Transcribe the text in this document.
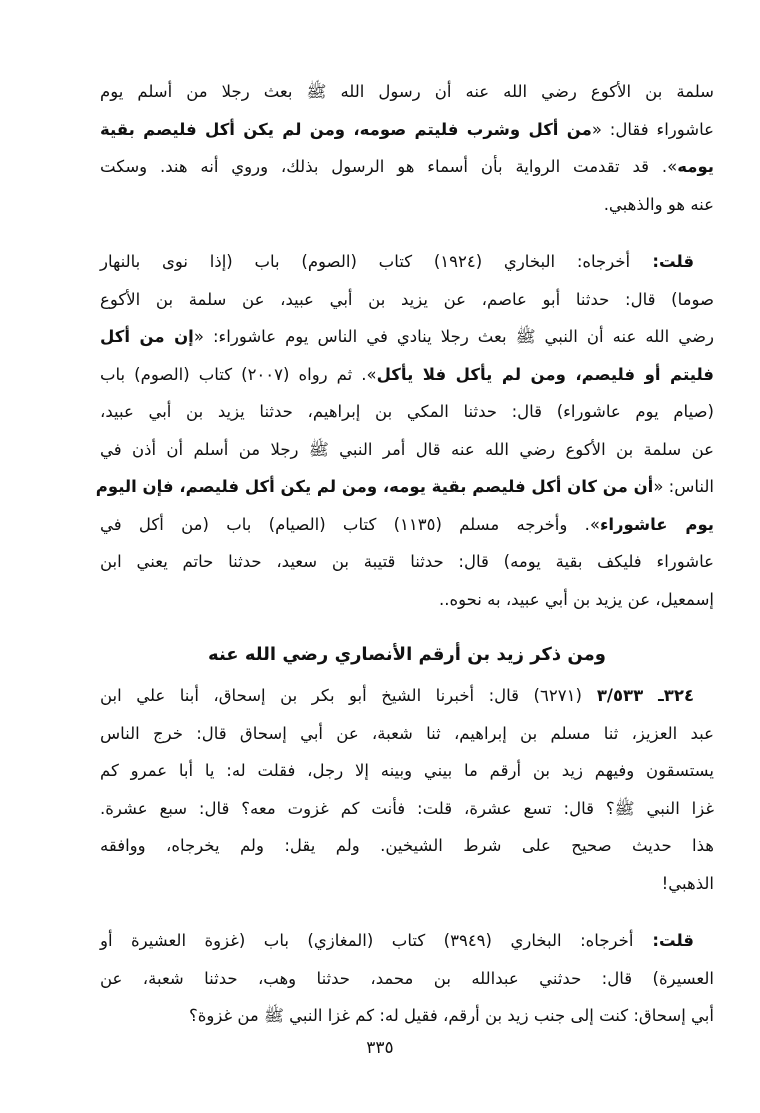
سلمة بن الأكوع رضي الله عنه أن رسول الله ﷺ بعث رجلا من أسلم يوم
عاشوراء فقال: «من أكل وشرب فليتم صومه، ومن لم يكن أكل فليصم بقية
يومه». قد تقدمت الرواية بأن أسماء هو الرسول بذلك، وروي أنه هند. وسكت
عنه هو والذهبي.
قلت: أخرجاه: البخاري (١٩٢٤) كتاب (الصوم) باب (إذا نوى بالنهار
صوما) قال: حدثنا أبو عاصم، عن يزيد بن أبي عبيد، عن سلمة بن الأكوع
رضي الله عنه أن النبي ﷺ بعث رجلا ينادي في الناس يوم عاشوراء: «إن من أكل
فليتم أو فليصم، ومن لم يأكل فلا يأكل». ثم رواه (٢٠٠٧) كتاب (الصوم) باب
(صيام يوم عاشوراء) قال: حدثنا المكي بن إبراهيم، حدثنا يزيد بن أبي عبيد،
عن سلمة بن الأكوع رضي الله عنه قال أمر النبي ﷺ رجلا من أسلم أن أذن في
الناس: «أن من كان أكل فليصم بقية يومه، ومن لم يكن أكل فليصم، فإن اليوم
يوم عاشوراء». وأخرجه مسلم (١١٣٥) كتاب (الصيام) باب (من أكل في
عاشوراء فليكف بقية يومه) قال: حدثنا قتيبة بن سعيد، حدثنا حاتم يعني ابن
إسمعيل، عن يزيد بن أبي عبيد، به نحوه..
ومن ذكر زيد بن أرقم الأنصاري رضي الله عنه
٣٢٤ـ ٣/٥٣٣ (٦٢٧١) قال: أخبرنا الشيخ أبو بكر بن إسحاق، أبنا علي ابن
عبد العزيز، ثنا مسلم بن إبراهيم، ثنا شعبة، عن أبي إسحاق قال: خرج الناس
يستسقون وفيهم زيد بن أرقم ما بيني وبينه إلا رجل، فقلت له: يا أبا عمرو كم
غزا النبي ﷺ؟ قال: تسع عشرة، قلت: فأنت كم غزوت معه؟ قال: سبع عشرة.
هذا حديث صحيح على شرط الشيخين. ولم يقل: ولم يخرجاه، ووافقه
الذهبي!
قلت: أخرجاه: البخاري (٣٩٤٩) كتاب (المغازي) باب (غزوة العشيرة أو
العسيرة) قال: حدثني عبدالله بن محمد، حدثنا وهب، حدثنا شعبة، عن
أبي إسحاق: كنت إلى جنب زيد بن أرقم، فقيل له: كم غزا النبي ﷺ من غزوة؟
٣٣٥
